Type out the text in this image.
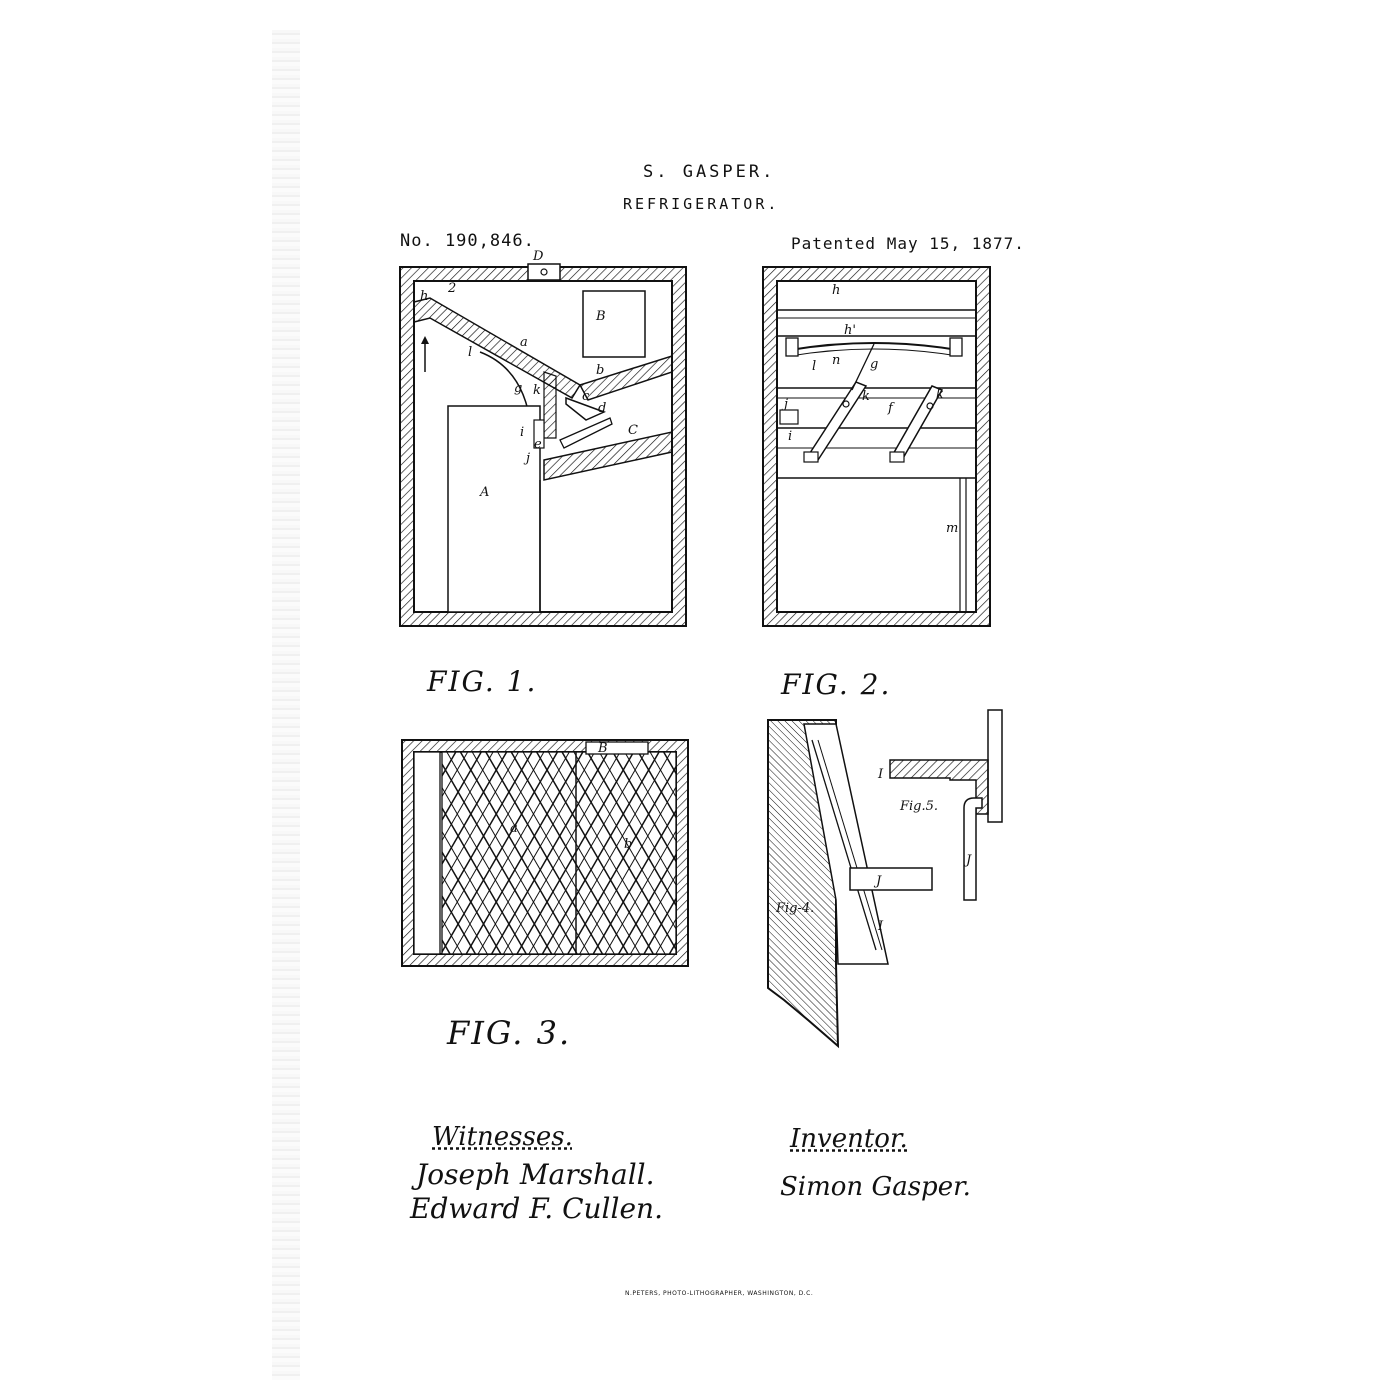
S. GASPER.
REFRIGERATOR.
No. 190,846.	Patented May 15, 1877.
D
B
A
C
a
b
c
d
e
g
h
i
j
k
l
2	h
h'
g
f
k	k
i
j
m
n
l
a
b
B
Fig-4.
J
I
Fig.5.
I
J
FIG. 1.	FIG. 2.
FIG. 3.
Witnesses.
Joseph Marshall.
Edward F. Cullen.
Inventor.
Simon Gasper.
N.PETERS, PHOTO-LITHOGRAPHER, WASHINGTON, D.C.
